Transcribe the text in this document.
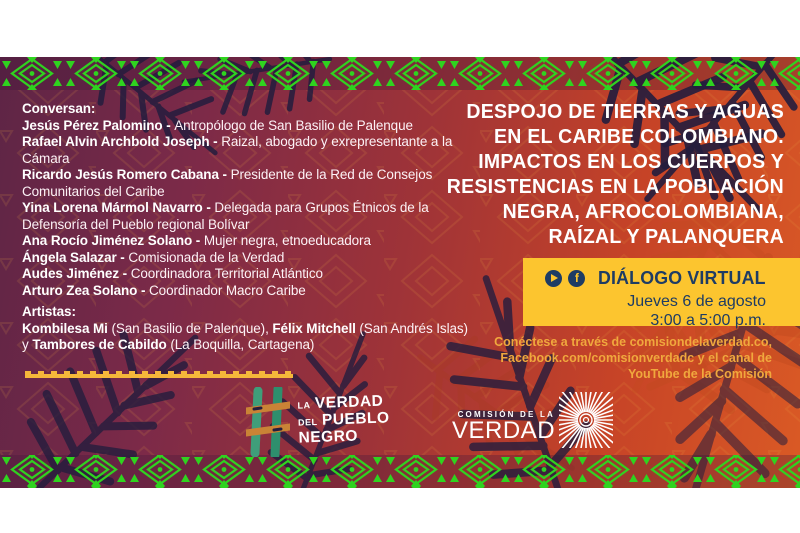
Conversan:
Jesús Pérez Palomino - Antropólogo de San Basilio de Palenque
Rafael Alvin Archbold Joseph - Raizal, abogado y exrepresentante a la Cámara
Ricardo Jesús Romero Cabana - Presidente de la Red de Consejos Comunitarios del Caribe
Yina Lorena Mármol Navarro - Delegada para Grupos Étnicos de la Defensoría del Pueblo regional Bolívar
Ana Rocío Jiménez Solano - Mujer negra, etnoeducadora
Ángela Salazar - Comisionada de la Verdad
Audes Jiménez - Coordinadora Territorial Atlántico
Arturo Zea Solano - Coordinador Macro Caribe
Artistas:
Kombilesa Mi (San Basilio de Palenque), Félix Mitchell (San Andrés Islas) y Tambores de Cabildo (La Boquilla, Cartagena)
DESPOJO DE TIERRAS Y AGUAS
EN EL CARIBE COLOMBIANO.
IMPACTOS EN LOS CUERPOS Y
RESISTENCIAS EN LA POBLACIÓN
NEGRA, AFROCOLOMBIANA,
RAÍZAL Y PALANQUERA
f	DIÁLOGO VIRTUAL
Jueves 6 de agosto
3:00 a 5:00 p.m.
Conéctese a través de comisiondelaverdad.co,
Facebook.com/comisionverdadc y el canal de
YouTube de la Comisión
LA VERDAD
DEL PUEBLO
NEGRO
COMISIÓN DE LA
VERDAD
